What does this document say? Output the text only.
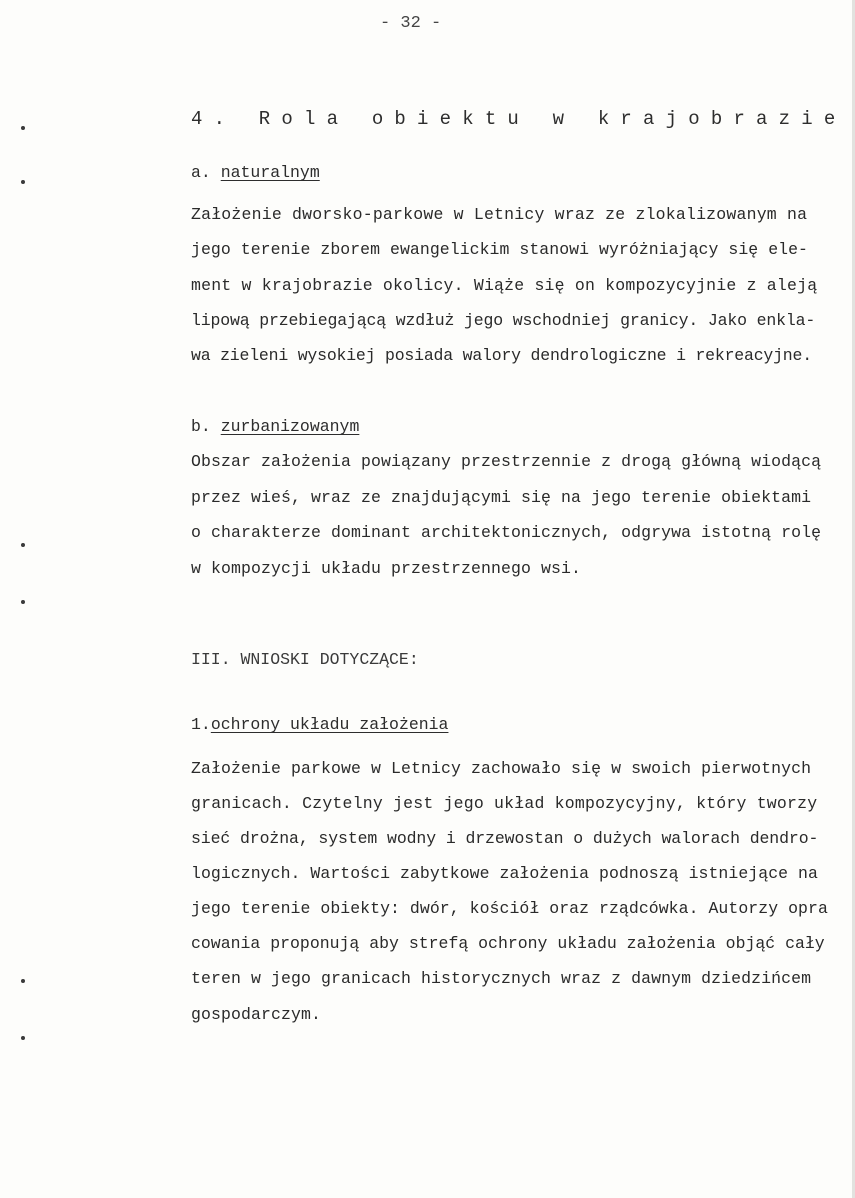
- 32 -
4. Rola obiektu w krajobrazie
a. naturalnym
Założenie dworsko-parkowe w Letnicy wraz ze zlokalizowanym na
jego terenie zborem ewangelickim stanowi wyróżniający się ele-
ment w krajobrazie okolicy. Wiąże się on kompozycyjnie z aleją
lipową przebiegającą wzdłuż jego wschodniej granicy. Jako enkla-
wa zieleni wysokiej posiada walory dendrologiczne i rekreacyjne.
b. zurbanizowanym
Obszar założenia powiązany przestrzennie z drogą główną wiodącą
przez wieś, wraz ze znajdującymi się na jego terenie obiektami
o charakterze dominant architektonicznych, odgrywa istotną rolę
w kompozycji układu przestrzennego wsi.
III. WNIOSKI DOTYCZĄCE:
1.ochrony układu założenia
Założenie parkowe w Letnicy zachowało się w swoich pierwotnych
granicach. Czytelny jest jego układ kompozycyjny, który tworzy
sieć drożna, system wodny i drzewostan o dużych walorach dendro-
logicznych. Wartości zabytkowe założenia podnoszą istniejące na
jego terenie obiekty: dwór, kościół oraz rządcówka. Autorzy opra
cowania proponują aby strefą ochrony układu założenia objąć cały
teren w jego granicach historycznych wraz z dawnym dziedzińcem
gospodarczym.
